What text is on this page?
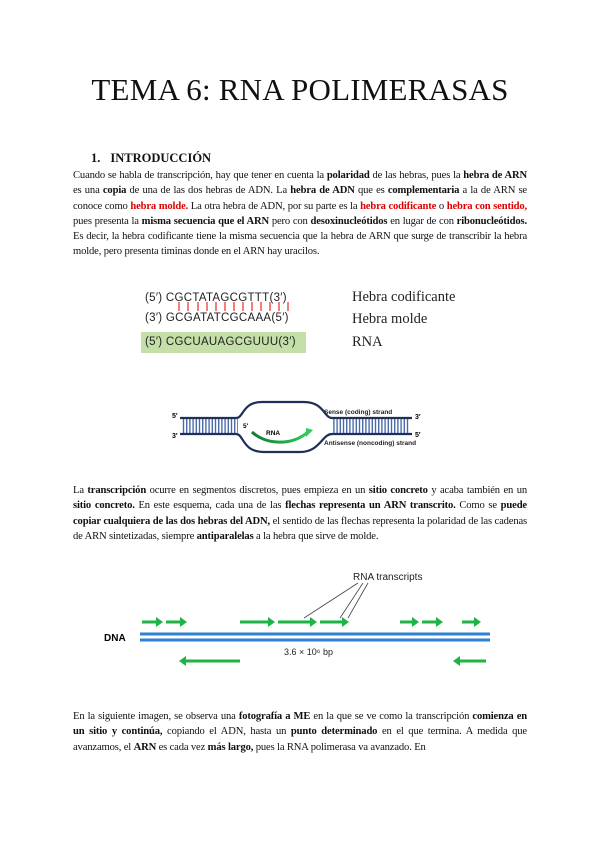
TEMA 6: RNA POLIMERASAS
1. INTRODUCCIÓN

Cuando se habla de transcripción, hay que tener en cuenta la polaridad de las hebras, pues la hebra de ARN es una copia de una de las dos hebras de ADN. La hebra de ADN que es complementaria a la de ARN se conoce como hebra molde. La otra hebra de ADN, por su parte es la hebra codificante o hebra con sentido, pues presenta la misma secuencia que el ARN pero con desoxinucleótidos en lugar de con ribonucleótidos. Es decir, la hebra codificante tiene la misma secuencia que la hebra de ARN que surge de transcribir la hebra molde, pero presenta timinas donde en el ARN hay uracilos.

(5′) CGCTATAGCGTTT(3′)
(3′) GCGATATCGCAAA(5′)
(5′) CGCUAUAGCGUUU(3′)
Hebra codificante
Hebra molde
RNA
5′
3′
3′
5′
5′
RNA
Sense (coding) strand
Antisense (noncoding) strand

La transcripción ocurre en segmentos discretos, pues empieza en un sitio concreto y acaba también en un sitio concreto. En este esquema, cada una de las flechas representa un ARN transcrito. Como se puede copiar cualquiera de las dos hebras del ADN, el sentido de las flechas representa la polaridad de las cadenas de ARN sintetizadas, siempre antiparalelas a la hebra que sirve de molde.

RNA transcripts
DNA
3.6 × 10⁶ bp

En la siguiente imagen, se observa una fotografía a ME en la que se ve como la transcripción comienza en un sitio y continúa, copiando el ADN, hasta un punto determinado en el que termina. A medida que avanzamos, el ARN es cada vez más largo, pues la RNA polimerasa va avanzado. En
